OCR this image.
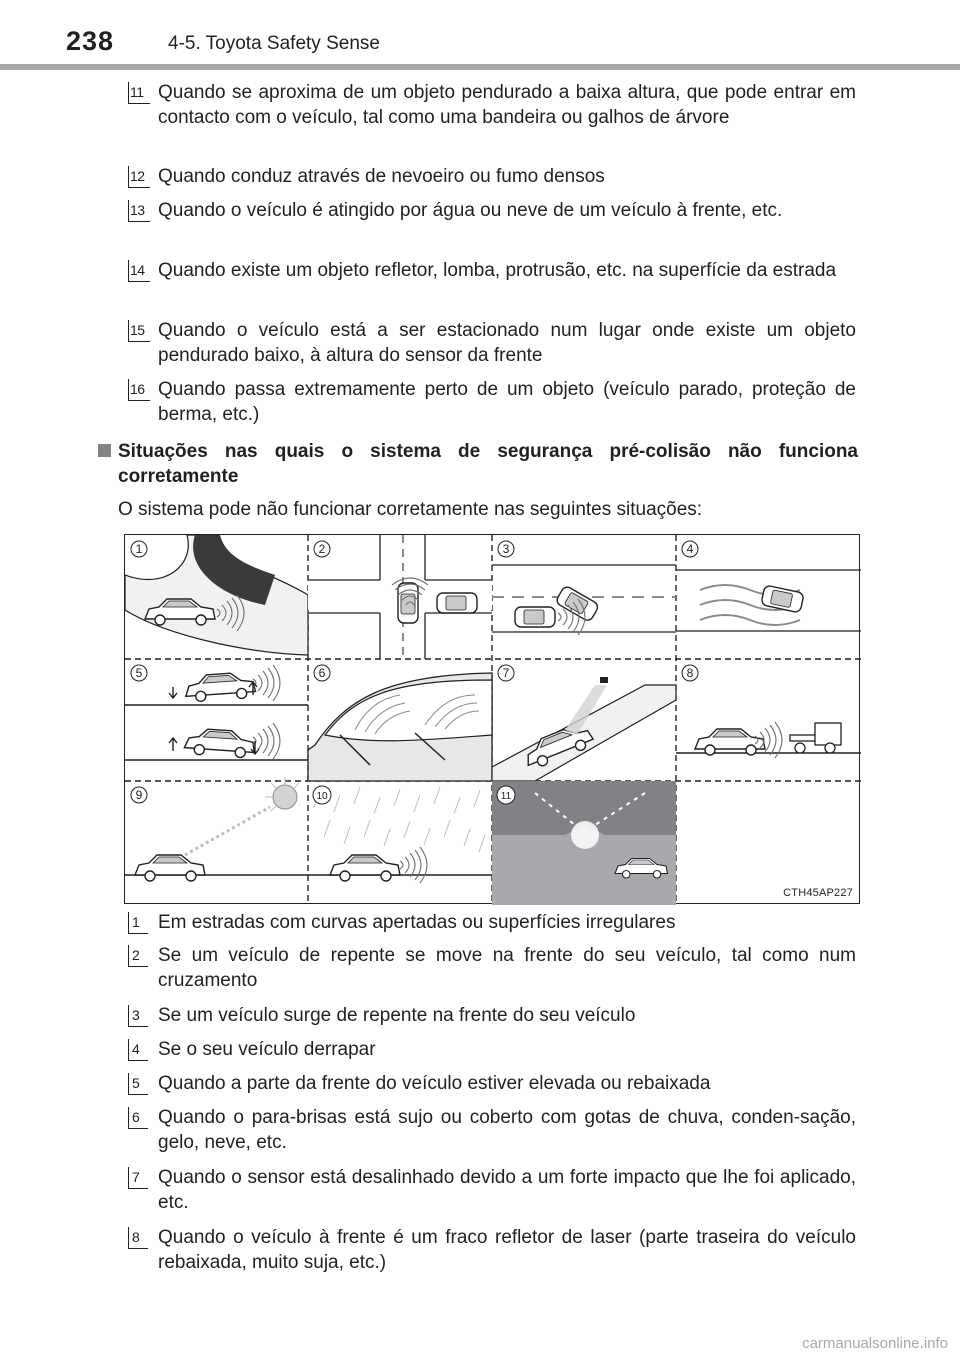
238	4-5. Toyota Safety Sense
11 Quando se aproxima de um objeto pendurado a baixa altura, que pode entrar em contacto com o veículo, tal como uma bandeira ou galhos de árvore
12 Quando conduz através de nevoeiro ou fumo densos
13 Quando o veículo é atingido por água ou neve de um veículo à frente, etc.
14 Quando existe um objeto refletor, lomba, protrusão, etc. na superfície da estrada
15 Quando o veículo está a ser estacionado num lugar onde existe um objeto pendurado baixo, à altura do sensor da frente
16 Quando passa extremamente perto de um objeto (veículo parado, proteção de berma, etc.)
Situações nas quais o sistema de segurança pré-colisão não funciona corretamente
O sistema pode não funcionar corretamente nas seguintes situações:
1	2	3	4
5	6	7	8
9	10	11
CTH45AP227
1 Em estradas com curvas apertadas ou superfícies irregulares
2 Se um veículo de repente se move na frente do seu veículo, tal como num cruzamento
3 Se um veículo surge de repente na frente do seu veículo
4 Se o seu veículo derrapar
5 Quando a parte da frente do veículo estiver elevada ou rebaixada
6 Quando o para-brisas está sujo ou coberto com gotas de chuva, conden-sação, gelo, neve, etc.
7 Quando o sensor está desalinhado devido a um forte impacto que lhe foi aplicado, etc.
8 Quando o veículo à frente é um fraco refletor de laser (parte traseira do veículo rebaixada, muito suja, etc.)
carmanualsonline.info
